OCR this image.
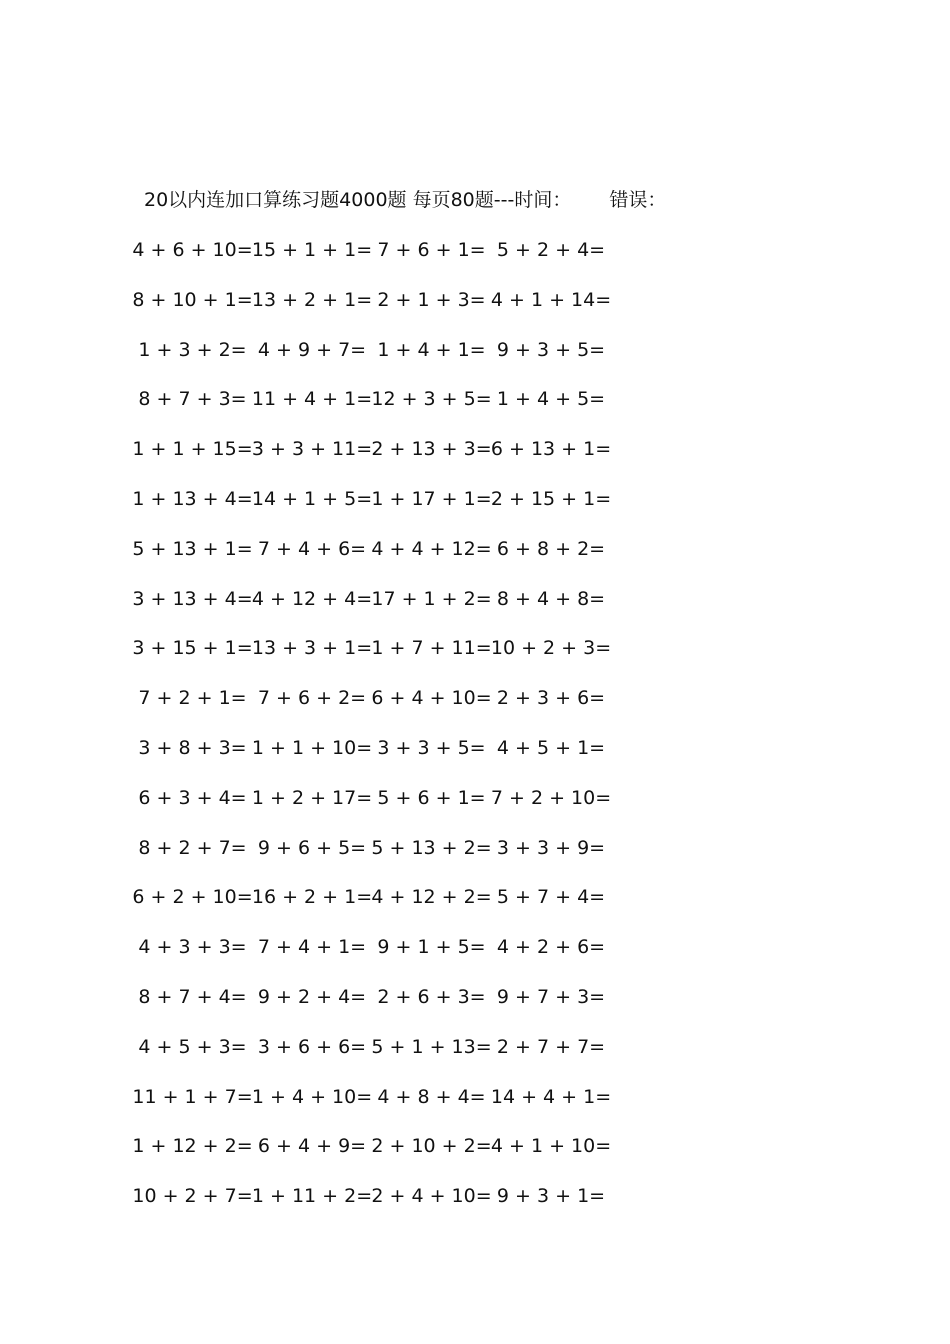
20以内连加口算练习题4000题 每页80题---时间： 错误：
4 + 6 + 10= 15 + 1 + 1= 7 + 6 + 1= 5 + 2 + 4=
8 + 10 + 1= 13 + 2 + 1= 2 + 1 + 3= 4 + 1 + 14=
1 + 3 + 2= 4 + 9 + 7= 1 + 4 + 1= 9 + 3 + 5=
8 + 7 + 3= 11 + 4 + 1= 12 + 3 + 5= 1 + 4 + 5=
1 + 1 + 15= 3 + 3 + 11= 2 + 13 + 3= 6 + 13 + 1=
1 + 13 + 4= 14 + 1 + 5= 1 + 17 + 1= 2 + 15 + 1=
5 + 13 + 1= 7 + 4 + 6= 4 + 4 + 12= 6 + 8 + 2=
3 + 13 + 4= 4 + 12 + 4= 17 + 1 + 2= 8 + 4 + 8=
3 + 15 + 1= 13 + 3 + 1= 1 + 7 + 11= 10 + 2 + 3=
7 + 2 + 1= 7 + 6 + 2= 6 + 4 + 10= 2 + 3 + 6=
3 + 8 + 3= 1 + 1 + 10= 3 + 3 + 5= 4 + 5 + 1=
6 + 3 + 4= 1 + 2 + 17= 5 + 6 + 1= 7 + 2 + 10=
8 + 2 + 7= 9 + 6 + 5= 5 + 13 + 2= 3 + 3 + 9=
6 + 2 + 10= 16 + 2 + 1= 4 + 12 + 2= 5 + 7 + 4=
4 + 3 + 3= 7 + 4 + 1= 9 + 1 + 5= 4 + 2 + 6=
8 + 7 + 4= 9 + 2 + 4= 2 + 6 + 3= 9 + 7 + 3=
4 + 5 + 3= 3 + 6 + 6= 5 + 1 + 13= 2 + 7 + 7=
11 + 1 + 7= 1 + 4 + 10= 4 + 8 + 4= 14 + 4 + 1=
1 + 12 + 2= 6 + 4 + 9= 2 + 10 + 2= 4 + 1 + 10=
10 + 2 + 7= 1 + 11 + 2= 2 + 4 + 10= 9 + 3 + 1=
